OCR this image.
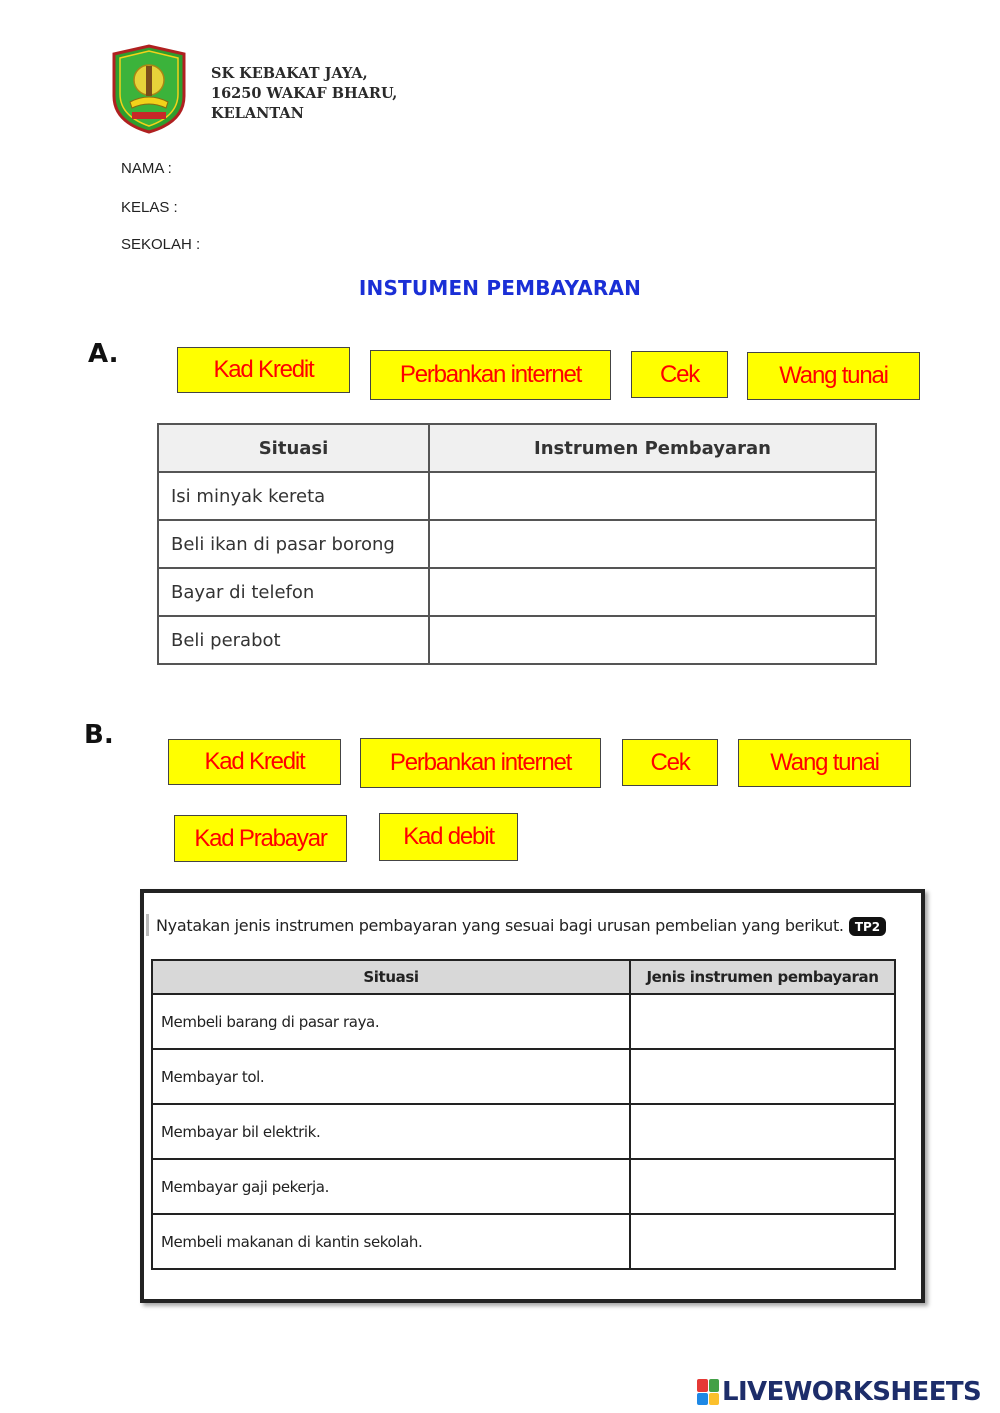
SK KEBAKAT JAYA,
16250 WAKAF BHARU,
KELANTAN
NAMA :
KELAS :
SEKOLAH :
INSTUMEN PEMBAYARAN
A.
Kad Kredit	Perbankan internet	Cek	Wang tunai
Situasi	Instrumen Pembayaran
Isi minyak kereta	
Beli ikan di pasar borong	
Bayar di telefon	
Beli perabot	
B.
Kad Kredit	Perbankan internet	Cek	Wang tunai
Kad Prabayar	Kad debit
Nyatakan jenis instrumen pembayaran yang sesuai bagi urusan pembelian yang berikut. TP2
Situasi	Jenis instrumen pembayaran
Membeli barang di pasar raya.	
Membayar tol.	
Membayar bil elektrik.	
Membayar gaji pekerja.	
Membeli makanan di kantin sekolah.	
LIVEWORKSHEETS
